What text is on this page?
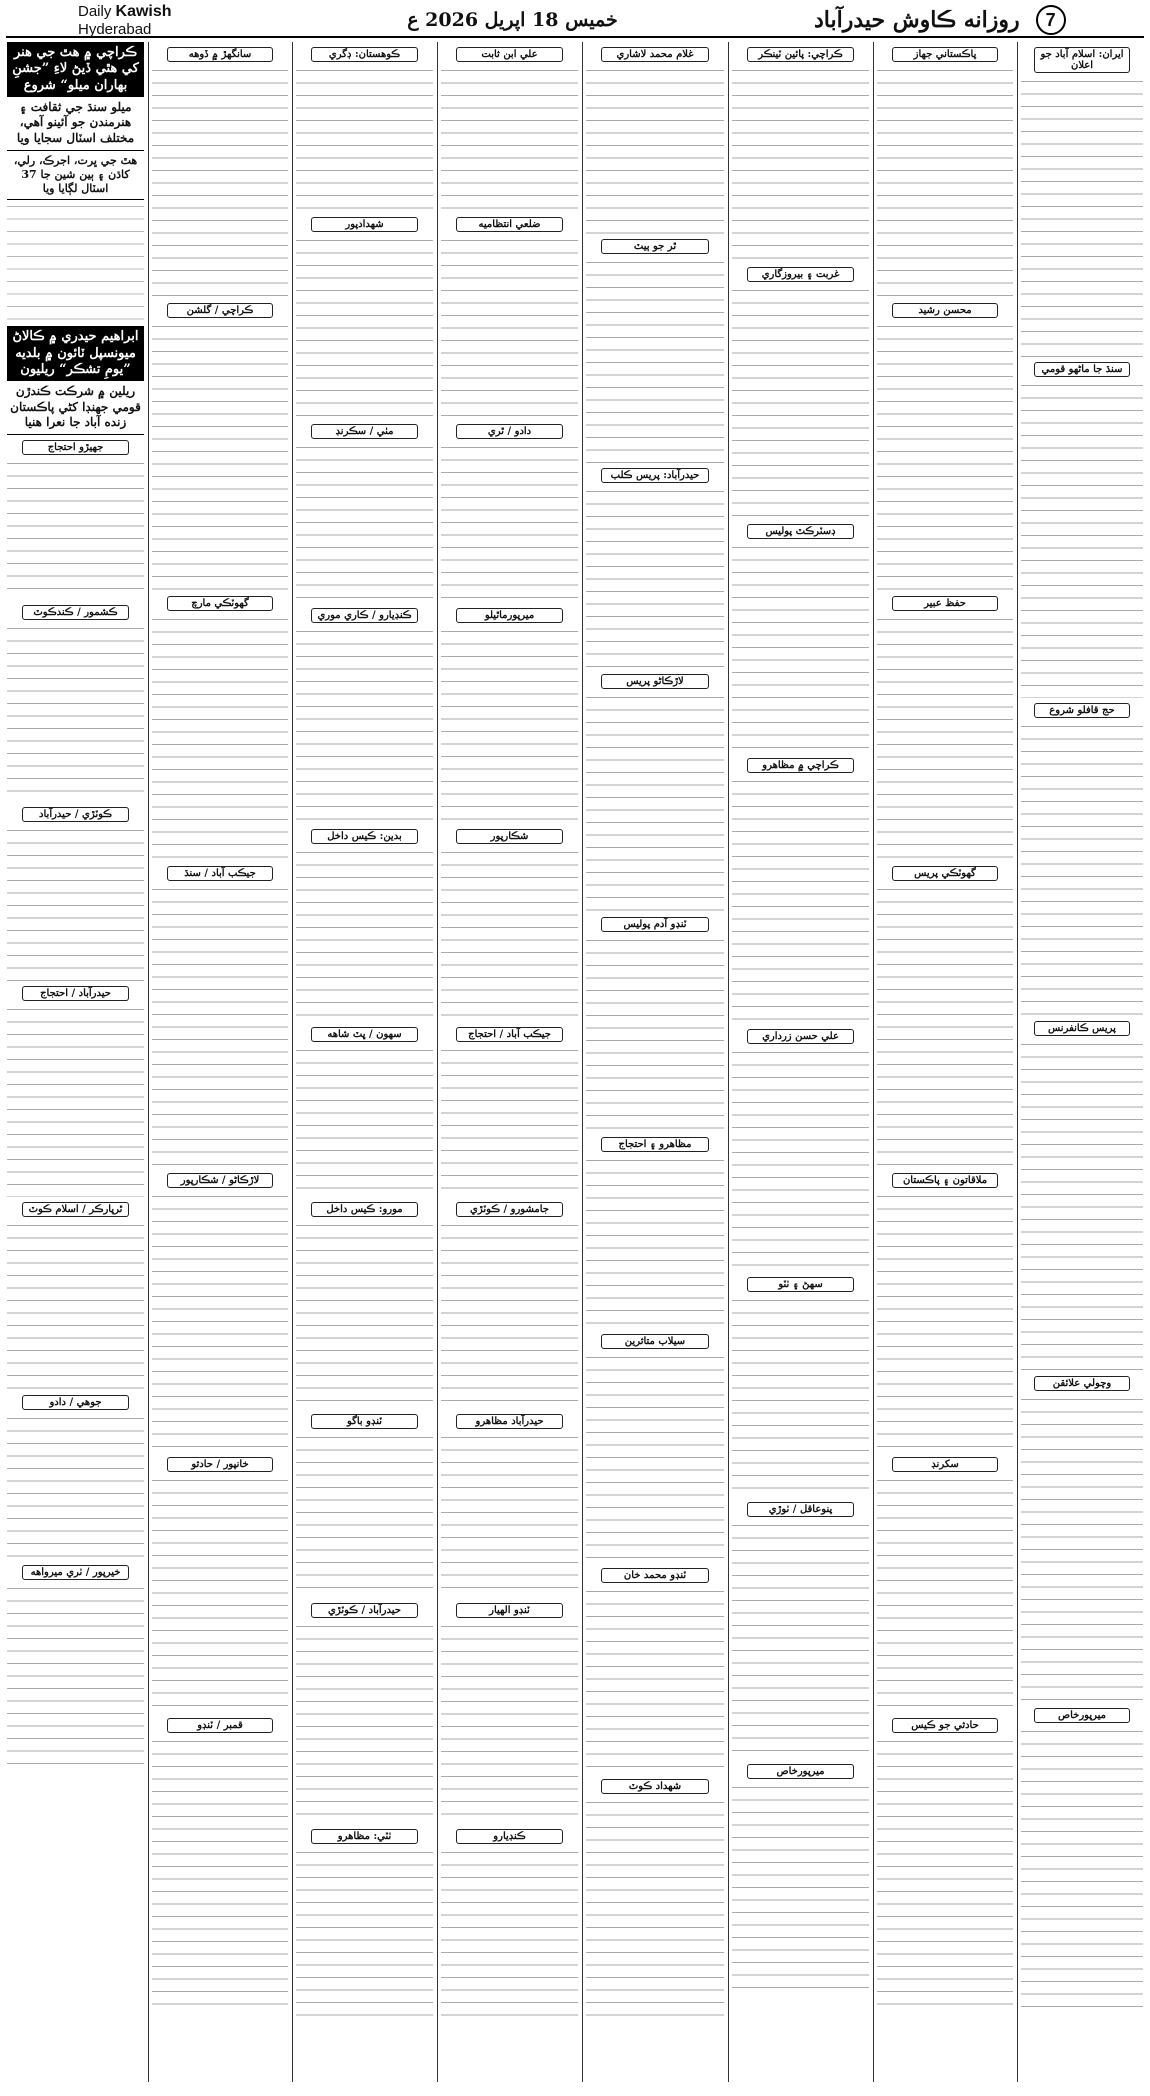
Daily Kawish Hyderabad	خميس 18 اپريل 2026 ع	7
روزانه ڪاوش حيدرآباد
ڪراچي ۾ هٿ جي هنر کي هٿي ڏيڻ لاءِ ”جشنِ بهاران ميلو“ شروع
ميلو سنڌ جي ثقافت ۽ هنرمندن جو آئينو آهي، مختلف اسٽال سجايا ويا
هٿ جي ڀرت، اجرڪ، رلي، کاڌن ۽ ٻين شين جا 37 اسٽال لڳايا ويا
ابراهيم حيدري ۾ ڪالاڻ ميونسپل ٽائون ۾ بلديه ”يومِ تشڪر“ ريليون
ريلين ۾ شرڪت ڪندڙن قومي جهنڊا کڻي پاڪستان زنده آباد جا نعرا هنيا
جهيڙو احتجاج
ڪشمور / ڪندڪوٽ
ڪوٽڙي / حيدرآباد
حيدرآباد / احتجاج
ٿرپارڪر / اسلام ڪوٽ
جوهي / دادو
خيرپور / ٺري ميرواهه
ايران: اسلام آباد جو اعلان
سنڌ جا ماڻهو قومي
حج قافلو شروع
پريس ڪانفرنس
وچولي علائقن
ميرپورخاص
پاڪستاني جهاز
محسن رشيد
حفظ عبير
گهوٽڪي پريس
ملاقاتون ۽ پاڪستان
سکرنڊ
حادثي جو ڪيس
ڪراچي: پائين ٽينڪر
غربت ۽ بيروزگاري
ڊسٽرڪٽ پوليس
ڪراچي ۾ مظاهرو
علي حسن زرداري
سهڻ ۽ ٺٽو
پنوعاقل / ٺوڙي
ميرپورخاص
غلام محمد لاشاري
ٿر جو ٻيٽ
حيدرآباد: پريس ڪلب
لاڙڪاڻو پريس
ٽنڊو آدم پوليس
مظاهرو ۽ احتجاج
سيلاب متاثرين
ٽنڊو محمد خان
شهداد ڪوٽ
علي ابن ثابت
ضلعي انتظاميه
دادو / ٿري
ميرپورماٿيلو
شڪارپور
جيڪب آباد / احتجاج
جامشورو / ڪوٽڙي
حيدرآباد مظاهرو
ٽنڊو الهيار
ڪنڊيارو
ڪوهستان: ڊگري
شهدادپور
مٺي / سڪرنڊ
ڪنڊيارو / ڪاري موري
بدين: ڪيس داخل
سهون / ڀٽ شاهه
مورو: ڪيس داخل
ٽنڊو باگو
حيدرآباد / ڪوٽڙي
ٺٽي: مظاهرو
سانگهڙ ۾ ڏوهه
ڪراچي / گلشن
گهوٽڪي مارچ
جيڪب آباد / سنڌ
لاڙڪاڻو / شڪارپور
خانپور / حادثو
قمبر / ٽنڊو
